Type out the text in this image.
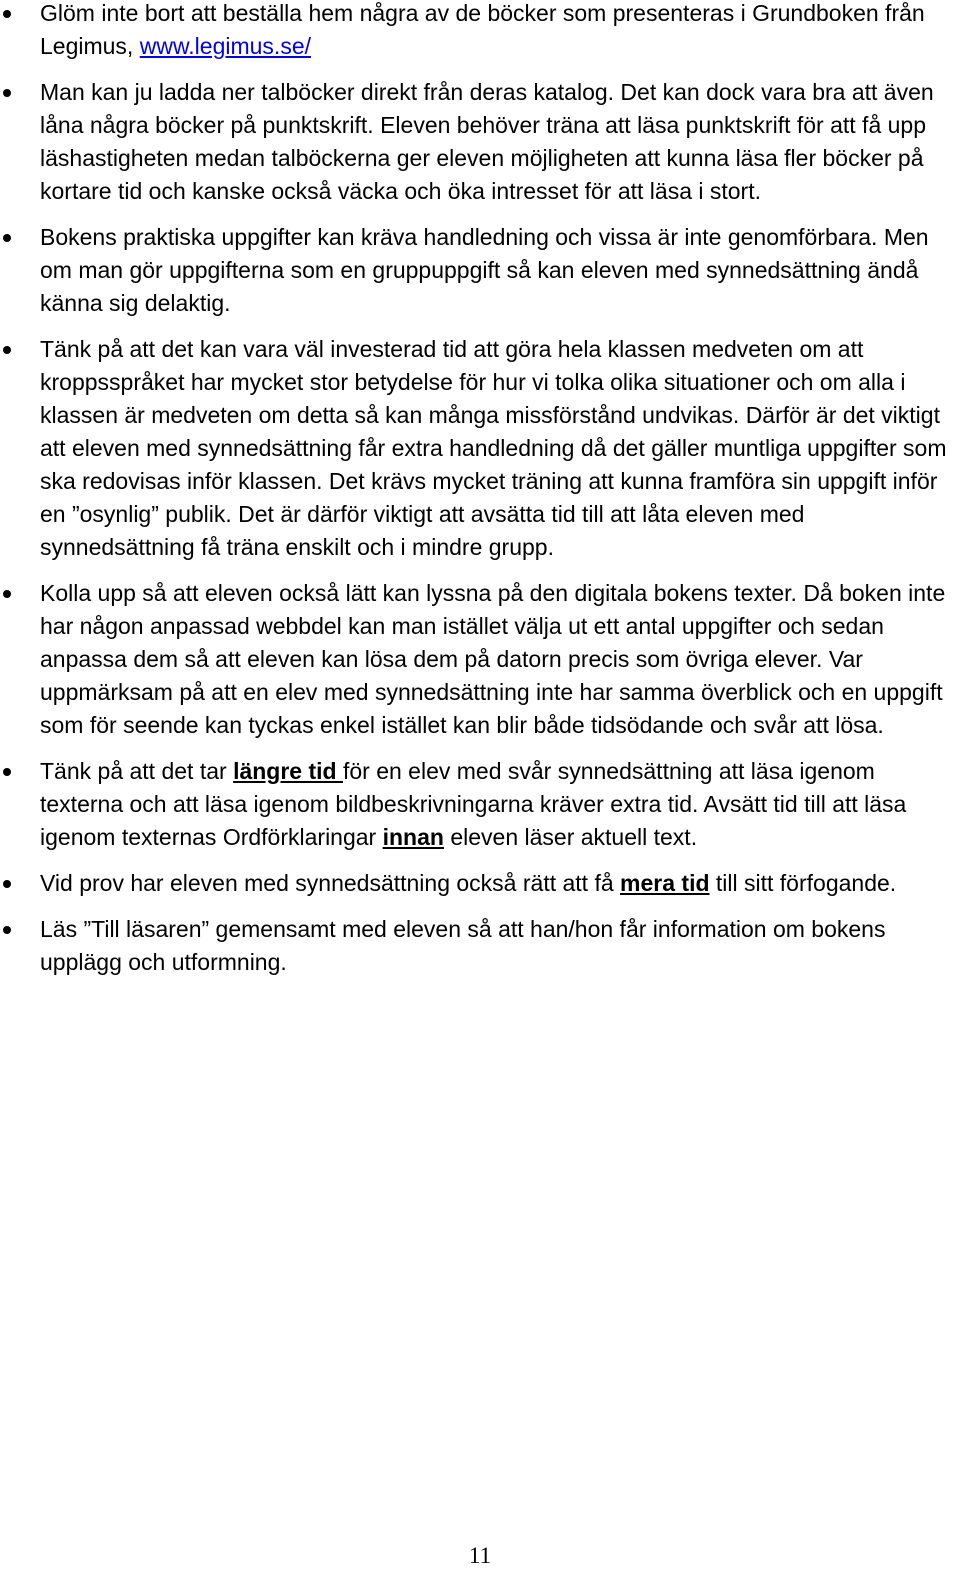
Glöm inte bort att beställa hem några av de böcker som presenteras i Grundboken från Legimus, www.legimus.se/
Man kan ju ladda ner talböcker direkt från deras katalog. Det kan dock vara bra att även låna några böcker på punktskrift. Eleven behöver träna att läsa punktskrift för att få upp läshastigheten medan talböckerna ger eleven möjligheten att kunna läsa fler böcker på kortare tid och kanske också väcka och öka intresset för att läsa i stort.
Bokens praktiska uppgifter kan kräva handledning och vissa är inte genomförbara. Men om man gör uppgifterna som en gruppuppgift så kan eleven med synnedsättning ändå känna sig delaktig.
Tänk på att det kan vara väl investerad tid att göra hela klassen medveten om att kroppsspråket har mycket stor betydelse för hur vi tolka olika situationer och om alla i klassen är medveten om detta så kan många missförstånd undvikas. Därför är det viktigt att eleven med synnedsättning får extra handledning då det gäller muntliga uppgifter som ska redovisas inför klassen. Det krävs mycket träning att kunna framföra sin uppgift inför en ”osynlig” publik. Det är därför viktigt att avsätta tid till att låta eleven med synnedsättning få träna enskilt och i mindre grupp.
Kolla upp så att eleven också lätt kan lyssna på den digitala bokens texter. Då boken inte har någon anpassad webbdel kan man istället välja ut ett antal uppgifter och sedan anpassa dem så att eleven kan lösa dem på datorn precis som övriga elever. Var uppmärksam på att en elev med synnedsättning inte har samma överblick och en uppgift som för seende kan tyckas enkel istället kan blir både tidsödande och svår att lösa.
Tänk på att det tar längre tid för en elev med svår synnedsättning att läsa igenom texterna och att läsa igenom bildbeskrivningarna kräver extra tid. Avsätt tid till att läsa igenom texternas Ordförklaringar innan eleven läser aktuell text.
Vid prov har eleven med synnedsättning också rätt att få mera tid till sitt förfogande.
Läs ”Till läsaren” gemensamt med eleven så att han/hon får information om bokens upplägg och utformning.
11
